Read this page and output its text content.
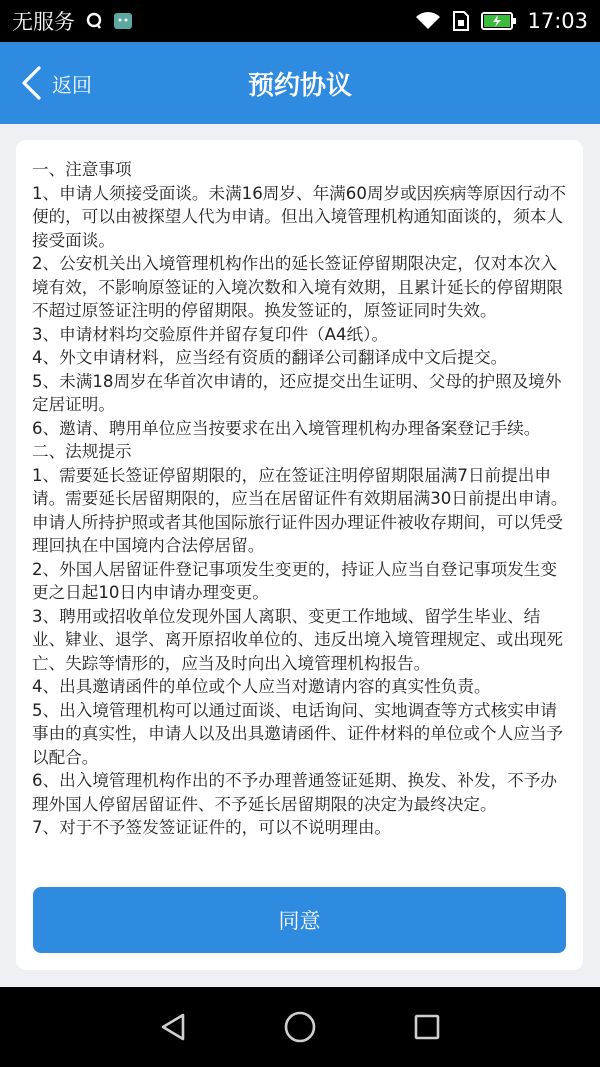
无服务	17:03
返回	预约协议

一、注意事项

1、申请人须接受面谈。未满16周岁、年满60周岁或因疾病等原因行动不便的，可以由被探望人代为申请。但出入境管理机构通知面谈的，须本人接受面谈。

2、公安机关出入境管理机构作出的延长签证停留期限决定，仅对本次入境有效，不影响原签证的入境次数和入境有效期，且累计延长的停留期限不超过原签证注明的停留期限。换发签证的，原签证同时失效。

3、申请材料均交验原件并留存复印件（A4纸）。

4、外文申请材料，应当经有资质的翻译公司翻译成中文后提交。

5、未满18周岁在华首次申请的，还应提交出生证明、父母的护照及境外定居证明。

6、邀请、聘用单位应当按要求在出入境管理机构办理备案登记手续。

二、法规提示

1、需要延长签证停留期限的，应在签证注明停留期限届满7日前提出申请。需要延长居留期限的，应当在居留证件有效期届满30日前提出申请。申请人所持护照或者其他国际旅行证件因办理证件被收存期间，可以凭受理回执在中国境内合法停居留。

2、外国人居留证件登记事项发生变更的，持证人应当自登记事项发生变更之日起10日内申请办理变更。

3、聘用或招收单位发现外国人离职、变更工作地域、留学生毕业、结业、肄业、退学、离开原招收单位的、违反出境入境管理规定、或出现死亡、失踪等情形的，应当及时向出入境管理机构报告。

4、出具邀请函件的单位或个人应当对邀请内容的真实性负责。

5、出入境管理机构可以通过面谈、电话询问、实地调查等方式核实申请事由的真实性，申请人以及出具邀请函件、证件材料的单位或个人应当予以配合。

6、出入境管理机构作出的不予办理普通签证延期、换发、补发，不予办理外国人停留居留证件、不予延长居留期限的决定为最终决定。

7、对于不予签发签证证件的，可以不说明理由。

同意
